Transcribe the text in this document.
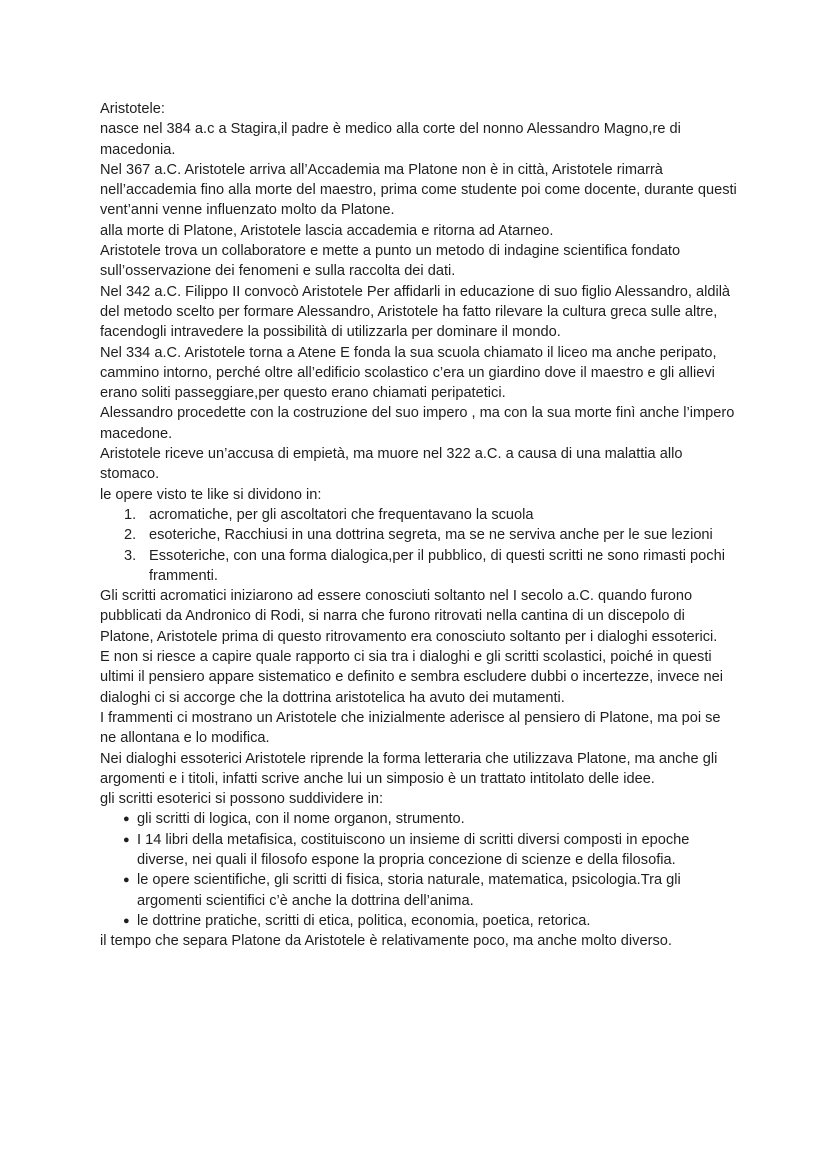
Aristotele:

nasce nel 384 a.c a Stagira,il padre è medico alla corte del nonno Alessandro Magno,re di macedonia.

Nel 367 a.C. Aristotele arriva all’Accademia ma Platone non è in città, Aristotele rimarrà nell’accademia fino alla morte del maestro, prima come studente poi come docente, durante questi vent’anni venne influenzato molto da Platone.

alla morte di Platone, Aristotele lascia accademia e ritorna ad Atarneo.

Aristotele trova un collaboratore e mette a punto un metodo di indagine scientifica fondato sull’osservazione dei fenomeni e sulla raccolta dei dati.

Nel 342 a.C. Filippo II convocò Aristotele Per affidarli in educazione di suo figlio Alessandro, aldilà del metodo scelto per formare Alessandro, Aristotele ha fatto rilevare la cultura greca sulle altre, facendogli intravedere la possibilità di utilizzarla per dominare il mondo.

Nel 334 a.C. Aristotele torna a Atene E fonda la sua scuola chiamato il liceo ma anche peripato, cammino intorno, perché oltre all’edificio scolastico c’era un giardino dove il maestro e gli allievi erano soliti passeggiare,per questo erano chiamati peripatetici.

Alessandro procedette con la costruzione del suo impero , ma con la sua morte finì anche l’impero macedone.

Aristotele riceve un’accusa di empietà, ma muore nel 322 a.C. a causa di una malattia allo stomaco.

le opere visto te like si dividono in:

1. acromatiche, per gli ascoltatori che frequentavano la scuola
2. esoteriche, Racchiusi in una dottrina segreta, ma se ne serviva anche per le sue lezioni
3. Essoteriche, con una forma dialogica,per il pubblico, di questi scritti ne sono rimasti pochi frammenti.

Gli scritti acromatici iniziarono ad essere conosciuti soltanto nel I secolo a.C. quando furono pubblicati da Andronico di Rodi, si narra che furono ritrovati nella cantina di un discepolo di Platone, Aristotele prima di questo ritrovamento era conosciuto soltanto per i dialoghi essoterici.

E non si riesce a capire quale rapporto ci sia tra i dialoghi e gli scritti scolastici, poiché in questi ultimi il pensiero appare sistematico e definito e sembra escludere dubbi o incertezze, invece nei dialoghi ci si accorge che la dottrina aristotelica ha avuto dei mutamenti.

I frammenti ci mostrano un Aristotele che inizialmente aderisce al pensiero di Platone, ma poi se ne allontana e lo modifica.

Nei dialoghi essoterici Aristotele riprende la forma letteraria che utilizzava Platone, ma anche gli argomenti e i titoli, infatti scrive anche lui un simposio è un trattato intitolato delle idee.

gli scritti esoterici si possono suddividere in:

● gli scritti di logica, con il nome organon, strumento.
● I 14 libri della metafisica, costituiscono un insieme di scritti diversi composti in epoche diverse, nei quali il filosofo espone la propria concezione di scienze e della filosofia.
● le opere scientifiche, gli scritti di fisica, storia naturale, matematica, psicologia.Tra gli argomenti scientifici c’è anche la dottrina dell’anima.
● le dottrine pratiche, scritti di etica, politica, economia, poetica, retorica.

il tempo che separa Platone da Aristotele è relativamente poco, ma anche molto diverso.
